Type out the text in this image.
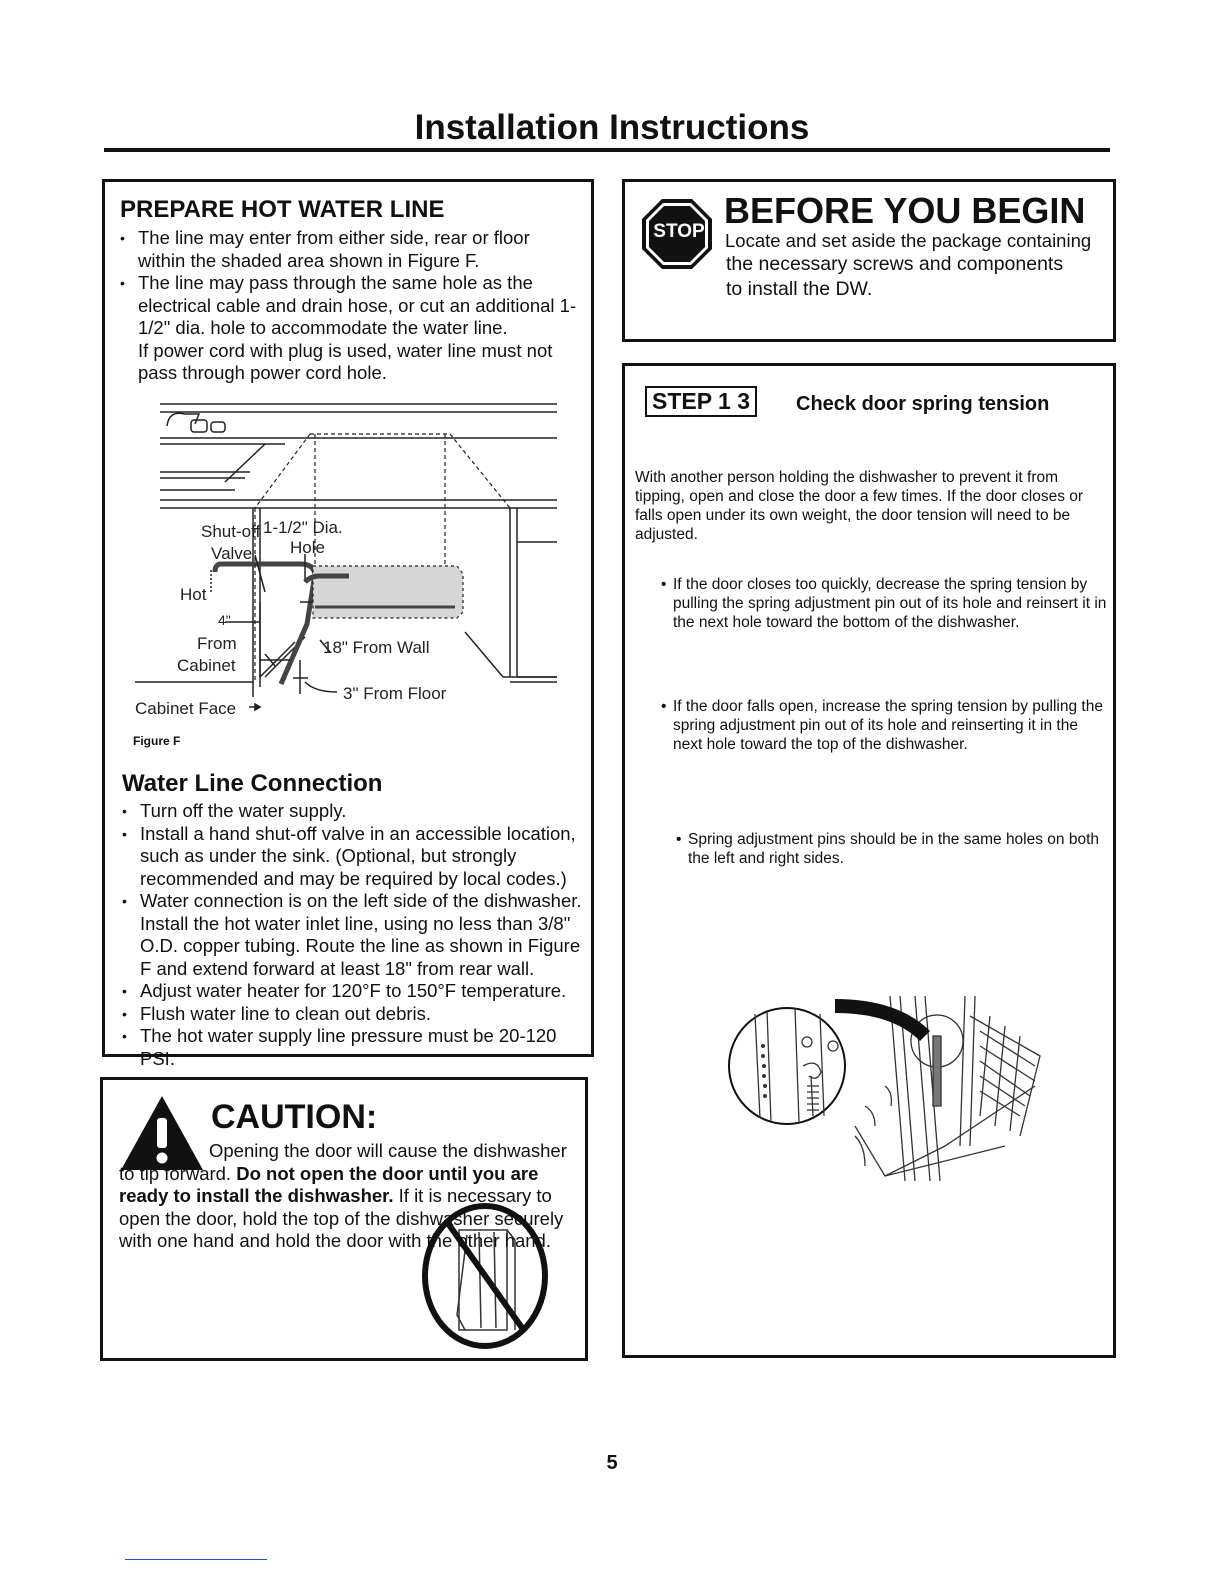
Installation Instructions
PREPARE HOT WATER LINE
• The line may enter from either side, rear or floor within the shaded area shown in Figure F.
• The line may pass through the same hole as the electrical cable and drain hose, or cut an additional 1-1/2" dia. hole to accommodate the water line.
If power cord with plug is used, water line must not pass through power cord hole.
Shut-off 1-1/2" Dia.
Valve Hole
Hot
4"
From	18" From Wall
Cabinet
3" From Floor
Cabinet Face
Figure F
Water Line Connection
• Turn off the water supply.
• Install a hand shut-off valve in an accessible location, such as under the sink. (Optional, but strongly recommended and may be required by local codes.)
• Water connection is on the left side of the dishwasher. Install the hot water inlet line, using no less than 3/8" O.D. copper tubing. Route the line as shown in Figure F and extend forward at least 18" from rear wall.
• Adjust water heater for 120°F to 150°F temperature.
• Flush water line to clean out debris.
• The hot water supply line pressure must be 20-120 PSI.
CAUTION:
Opening the door will cause the dishwasher to tip forward. Do not open the door until you are ready to install the dishwasher. If it is necessary to open the door, hold the top of the dishwasher securely with one hand and hold the door with the other hand.
STOP
BEFORE YOU BEGIN
Locate and set aside the package containing
the necessary screws and components
to install the DW.
STEP 1 3	Check door spring tension
With another person holding the dishwasher to prevent it from tipping, open and close the door a few times. If the door closes or falls open under its own weight, the door tension will need to be adjusted.
• If the door closes too quickly, decrease the spring tension by pulling the spring adjustment pin out of its hole and reinsert it in the next hole toward the bottom of the dishwasher.
• If the door falls open, increase the spring tension by pulling the spring adjustment pin out of its hole and reinserting it in the next hole toward the top of the dishwasher.
• Spring adjustment pins should be in the same holes on both the left and right sides.
5
